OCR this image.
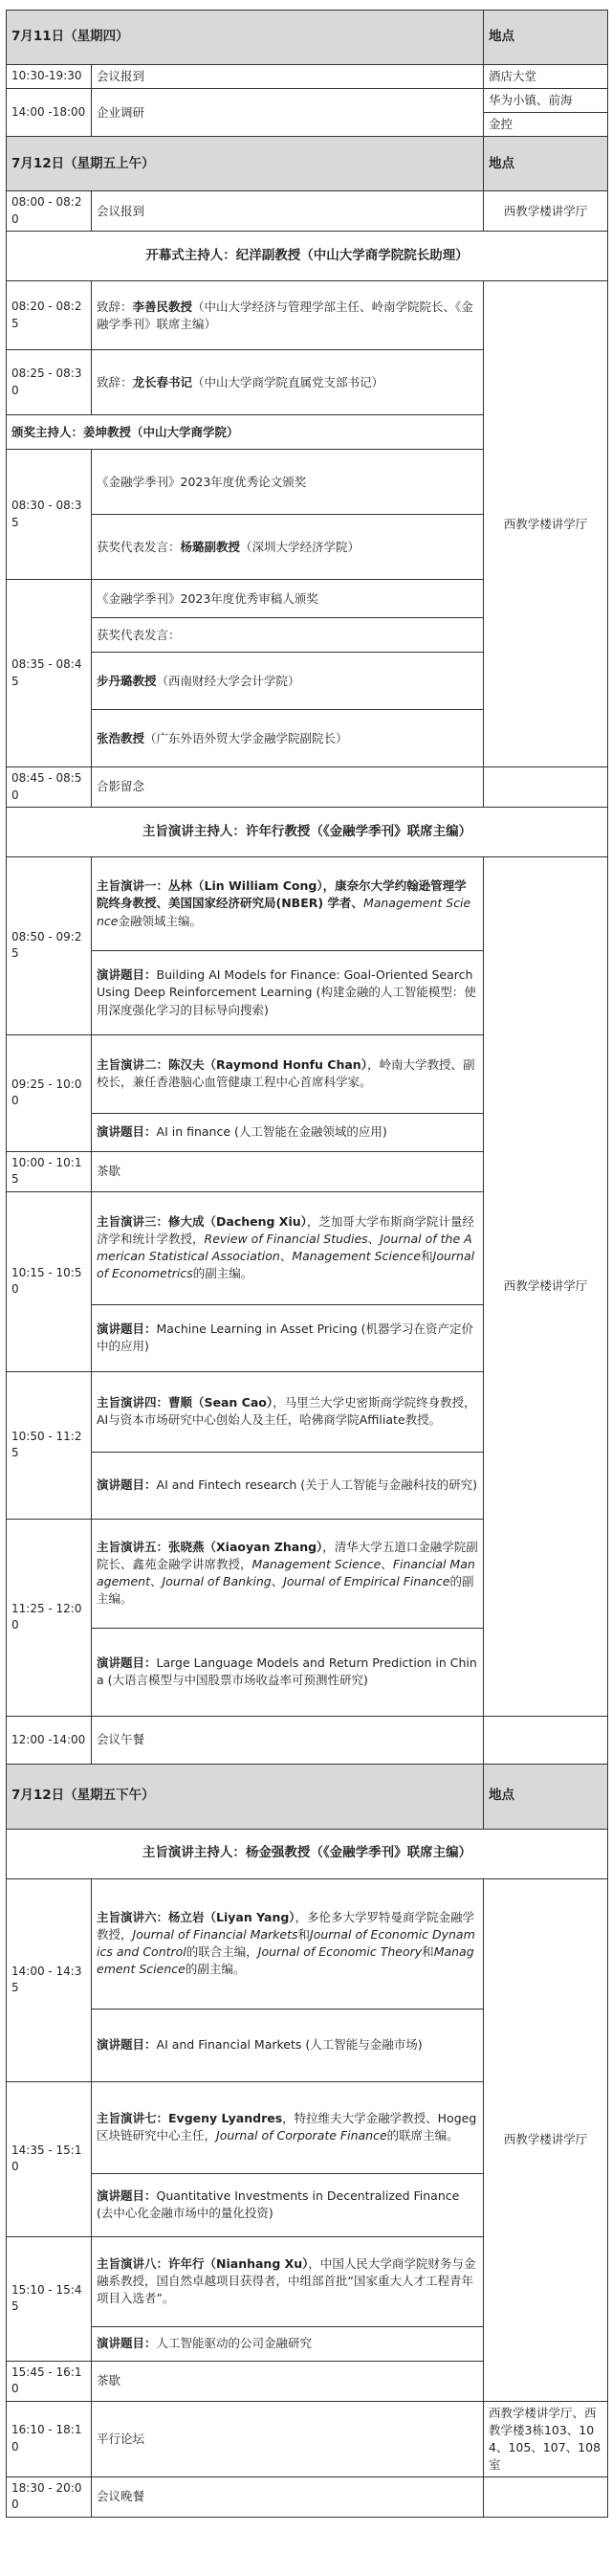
7月11日（星期四）		地点
10:30-19:30	会议报到	酒店大堂
14:00 -18:00	企业调研	华为小镇、前海
		金控
7月12日（星期五上午）		地点
08:00 - 08:20	会议报到	西教学楼讲学厅
开幕式主持人：纪洋副教授（中山大学商学院院长助理）		
08:20 - 08:25	致辞：李善民教授（中山大学经济与管理学部主任、岭南学院院长、《金融学季刊》联席主编）	西教学楼讲学厅
08:25 - 08:30	致辞：龙长春书记（中山大学商学院直属党支部书记）	
颁奖主持人：姜坤教授（中山大学商学院）		
08:30 - 08:35	《金融学季刊》2023年度优秀论文颁奖	
	获奖代表发言：杨璐副教授（深圳大学经济学院）	
08:35 - 08:45	《金融学季刊》2023年度优秀审稿人颁奖	
	获奖代表发言：	
	步丹璐教授（西南财经大学会计学院）	
	张浩教授（广东外语外贸大学金融学院副院长）	
08:45 - 08:50	合影留念	
主旨演讲主持人：许年行教授（《金融学季刊》联席主编）		
08:50 - 09:25	主旨演讲一：丛林（Lin William Cong），康奈尔大学约翰逊管理学院终身教授、美国国家经济研究局(NBER) 学者、Management Science金融领域主编。	西教学楼讲学厅
	演讲题目：Building AI Models for Finance: Goal-Oriented Search Using Deep Reinforcement Learning (构建金融的人工智能模型：使用深度强化学习的目标导向搜索)	
09:25 - 10:00	主旨演讲二：陈汉夫（Raymond Honfu Chan），岭南大学教授、副校长，兼任香港脑心血管健康工程中心首席科学家。	
	演讲题目：AI in finance (人工智能在金融领域的应用)	
10:00 - 10:15	茶歇	
10:15 - 10:50	主旨演讲三：修大成（Dacheng Xiu），芝加哥大学布斯商学院计量经济学和统计学教授，Review of Financial Studies、Journal of the American Statistical Association、Management Science和Journal of Econometrics的副主编。	
	演讲题目：Machine Learning in Asset Pricing (机器学习在资产定价中的应用)	
10:50 - 11:25	主旨演讲四：曹顺（Sean Cao），马里兰大学史密斯商学院终身教授，AI与资本市场研究中心创始人及主任，哈佛商学院Affiliate教授。	
	演讲题目：AI and Fintech research (关于人工智能与金融科技的研究)	
11:25 - 12:00	主旨演讲五：张晓燕（Xiaoyan Zhang），清华大学五道口金融学院副院长、鑫苑金融学讲席教授，Management Science、Financial Management、Journal of Banking、Journal of Empirical Finance的副主编。	
	演讲题目：Large Language Models and Return Prediction in China (大语言模型与中国股票市场收益率可预测性研究)	
12:00 -14:00	会议午餐	
7月12日（星期五下午）		地点
主旨演讲主持人：杨金强教授（《金融学季刊》联席主编）		
14:00 - 14:35	主旨演讲六：杨立岩（Liyan Yang），多伦多大学罗特曼商学院金融学教授，Journal of Financial Markets和Journal of Economic Dynamics and Control的联合主编，Journal of Economic Theory和Management Science的副主编。	西教学楼讲学厅
	演讲题目：AI and Financial Markets (人工智能与金融市场)	
14:35 - 15:10	主旨演讲七：Evgeny Lyandres，特拉维夫大学金融学教授、Hogeg区块链研究中心主任，Journal of Corporate Finance的联席主编。	
	演讲题目：Quantitative Investments in Decentralized Finance (去中心化金融市场中的量化投资)	
15:10 - 15:45	主旨演讲八：许年行（Nianhang Xu），中国人民大学商学院财务与金融系教授，国自然卓越项目获得者，中组部首批“国家重大人才工程青年项目入选者”。	
	演讲题目：人工智能驱动的公司金融研究	
15:45 - 16:10	茶歇	
16:10 - 18:10	平行论坛	西教学楼讲学厅、西教学楼3栋103、104、105、107、108室
18:30 - 20:00	会议晚餐	
